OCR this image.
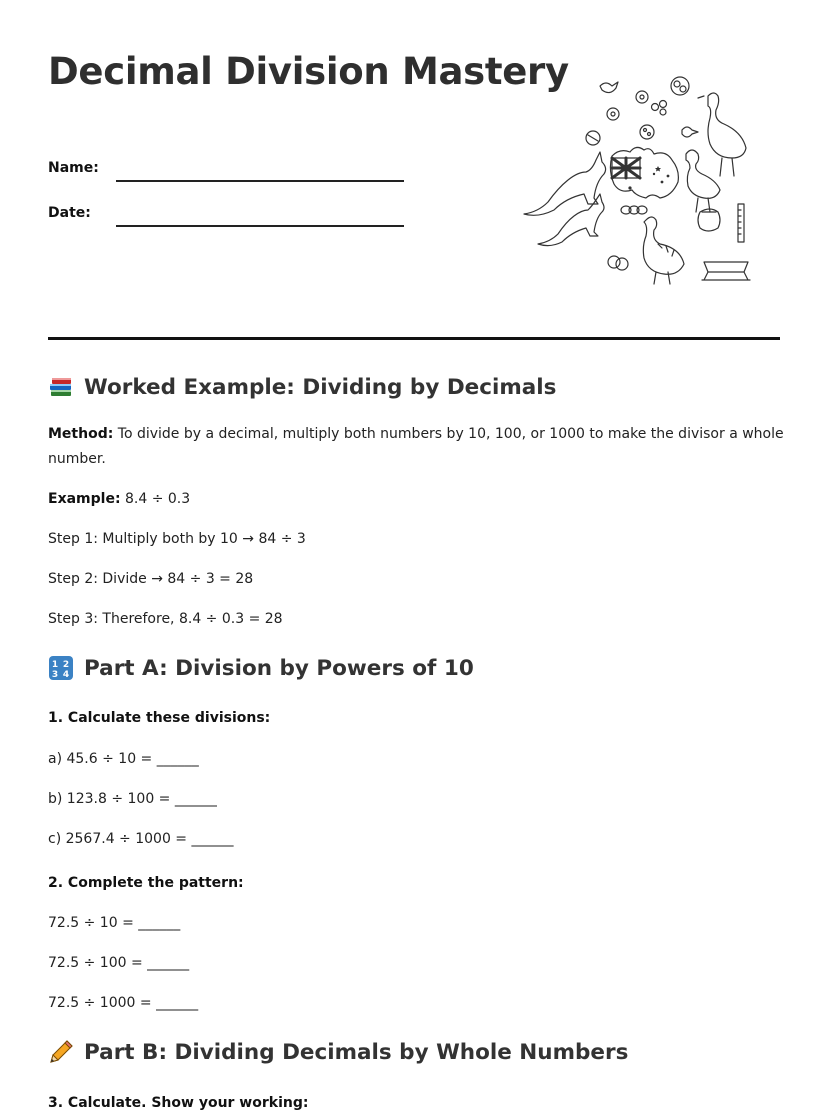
Decimal Division Mastery
Name:
Date:
Worked Example: Dividing by Decimals

Method: To divide by a decimal, multiply both numbers by 10, 100, or 1000 to make the divisor a whole

number.

Example: 8.4 ÷ 0.3

Step 1: Multiply both by 10 → 84 ÷ 3

Step 2: Divide → 84 ÷ 3 = 28

Step 3: Therefore, 8.4 ÷ 0.3 = 28

1 2
3 4 Part A: Division by Powers of 10

1. Calculate these divisions:

a) 45.6 ÷ 10 = ______

b) 123.8 ÷ 100 = ______

c) 2567.4 ÷ 1000 = ______

2. Complete the pattern:

72.5 ÷ 10 = ______

72.5 ÷ 100 = ______

72.5 ÷ 1000 = ______

Part B: Dividing Decimals by Whole Numbers

3. Calculate. Show your working:
